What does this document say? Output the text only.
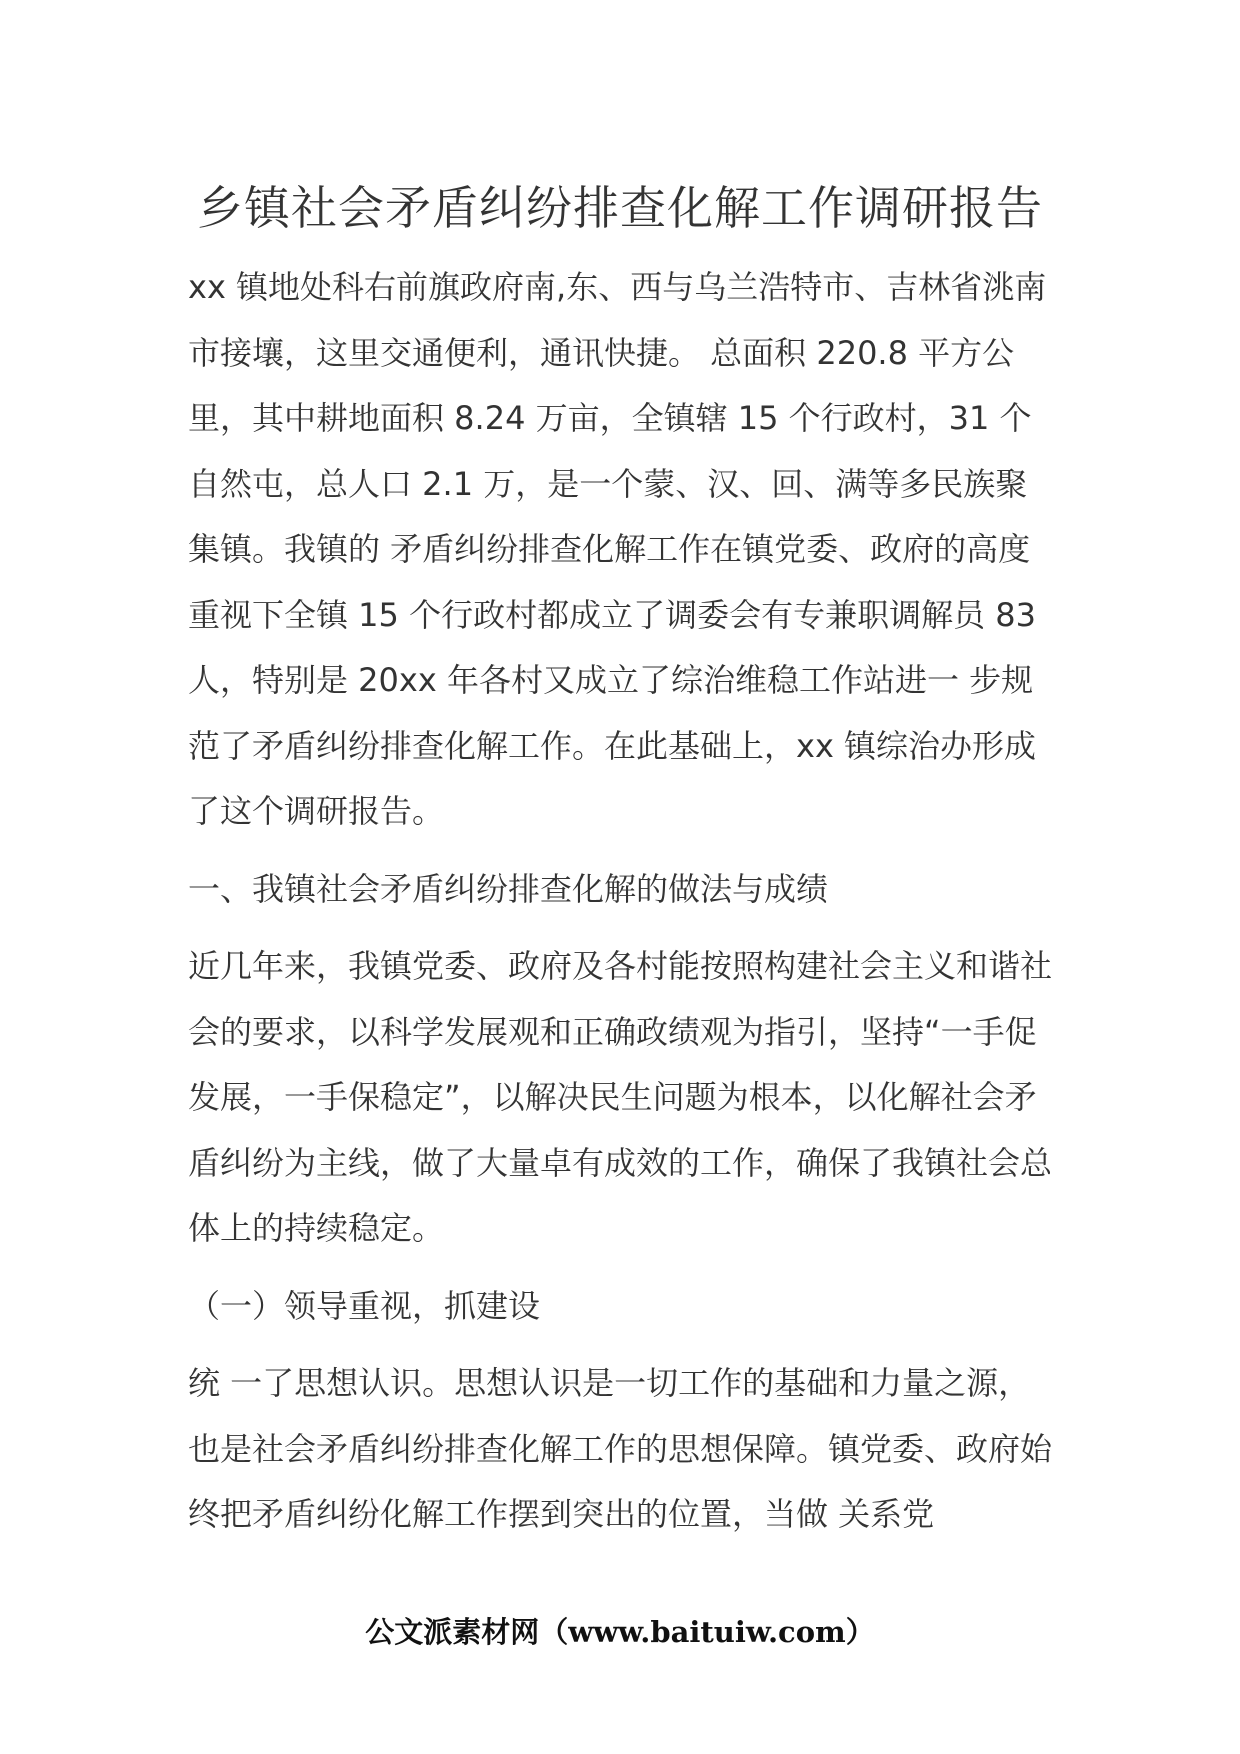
乡镇社会矛盾纠纷排查化解工作调研报告

xx 镇地处科右前旗政府南,东、西与乌兰浩特市、吉林省洮南市接壤，这里交通便利，通讯快捷。 总面积 220.8 平方公里，其中耕地面积 8.24 万亩，全镇辖 15 个行政村，31 个自然屯，总人口 2.1 万，是一个蒙、汉、回、满等多民族聚集镇。我镇的 矛盾纠纷排查化解工作在镇党委、政府的高度重视下全镇 15 个行政村都成立了调委会有专兼职调解员 83 人，特别是 20xx 年各村又成立了综治维稳工作站进一 步规范了矛盾纠纷排查化解工作。在此基础上，xx 镇综治办形成了这个调研报告。

一、我镇社会矛盾纠纷排查化解的做法与成绩

近几年来，我镇党委、政府及各村能按照构建社会主义和谐社会的要求，以科学发展观和正确政绩观为指引，坚持“一手促发展，一手保稳定”，以解决民生问题为根本，以化解社会矛盾纠纷为主线，做了大量卓有成效的工作，确保了我镇社会总体上的持续稳定。

（一）领导重视，抓建设

统 一了思想认识。思想认识是一切工作的基础和力量之源，也是社会矛盾纠纷排查化解工作的思想保障。镇党委、政府始终把矛盾纠纷化解工作摆到突出的位置，当做 关系党

公文派素材网（www.baituiw.com）
